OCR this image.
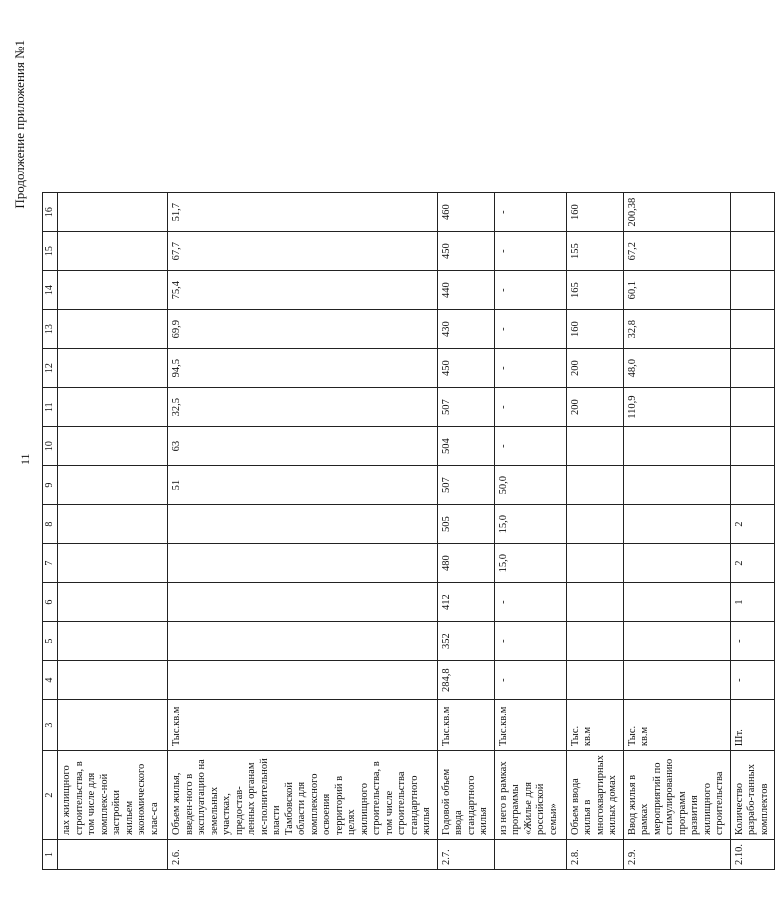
11
Продолжение приложения №1
1	2	3	4	5	6	7	8	9	10	11	12	13	14	15	16
	лах жилищного строительства, в том числе для комплекс-ной застройки жильем экономического клас-са														
2.6.	Объем жилья, введен-ного в эксплуатацию на земельных участках, предостав-ленных органам ис-полнительной власти Тамбовской области для комплексного освоения территорий в целях жилищного строительства, в том числе строительства стандартного жилья	Тыс.кв.м						51	63	32,5	94,5	69,9	75,4	67,7	51,7
2.7.	Годовой объем ввода стандартного жилья	Тыс.кв.м	284,8	352	412	480	505	507	504	507	450	430	440	450	460
	из него в рамках программы «Жилье для российской семьи»	Тыс.кв.м	-	-	-	15,0	15,0	50,0	-	-	-	-	-	-	-
2.8.	Объем ввода жилья в многоквартирных жилых домах	Тыс. кв.м								200	200	160	165	155	160
2.9.	Ввод жилья в рамках мероприятий по стимулированию программ развития жилищного строительства	Тыс. кв.м								110,9	48,0	32,8	60,1	67,2	200,38
2.10.	Количество разрабо-танных комплектов	Шт.	-	-	1	2	2								
